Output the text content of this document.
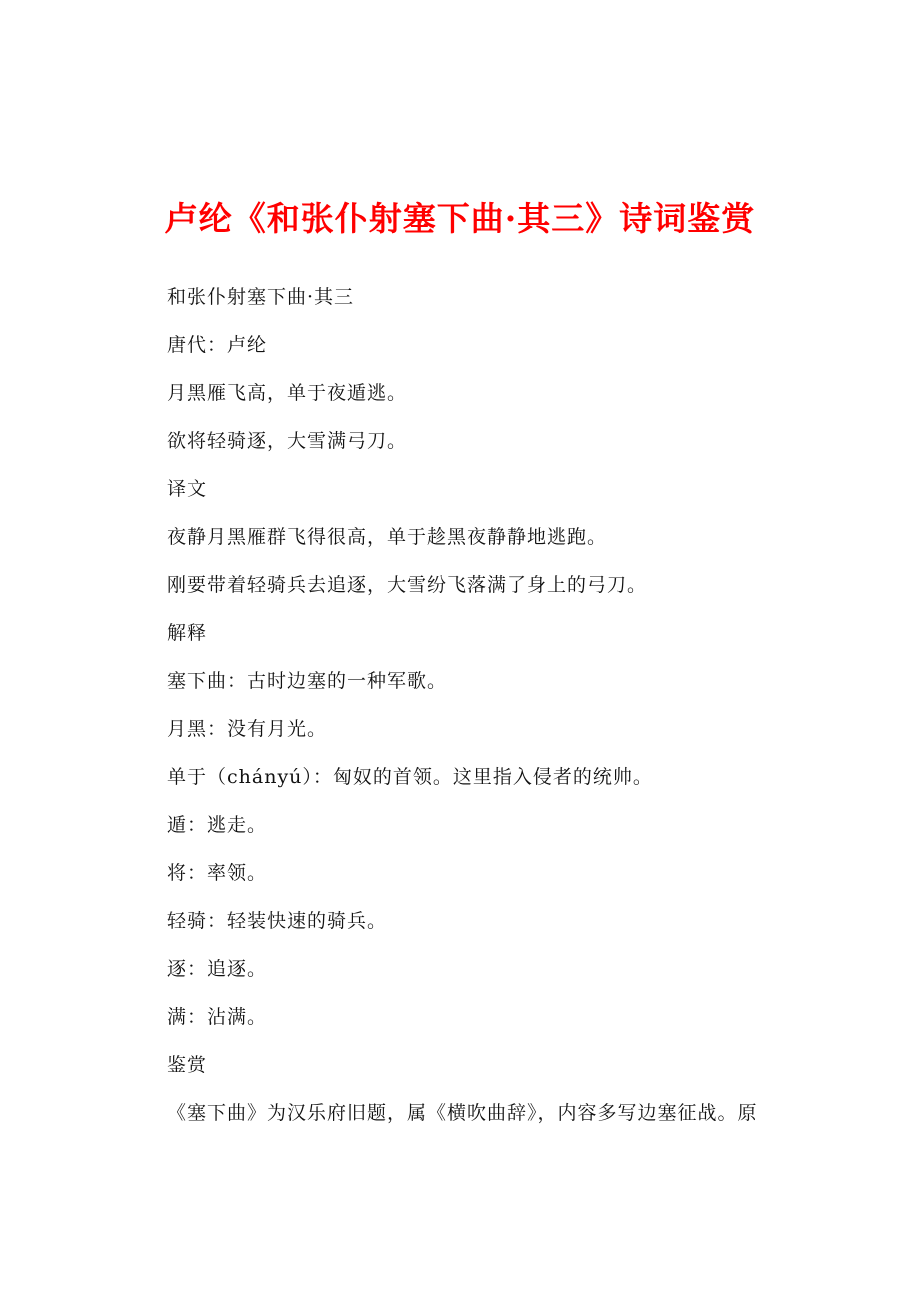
卢纶《和张仆射塞下曲·其三》诗词鉴赏

和张仆射塞下曲·其三

唐代：卢纶

月黑雁飞高，单于夜遁逃。

欲将轻骑逐，大雪满弓刀。

译文

夜静月黑雁群飞得很高，单于趁黑夜静静地逃跑。

刚要带着轻骑兵去追逐，大雪纷飞落满了身上的弓刀。

解释

塞下曲：古时边塞的一种军歌。

月黑：没有月光。

单于（chányú）：匈奴的首领。这里指入侵者的统帅。

遁：逃走。

将：率领。

轻骑：轻装快速的骑兵。

逐：追逐。

满：沾满。

鉴赏

《塞下曲》为汉乐府旧题，属《横吹曲辞》，内容多写边塞征战。原
